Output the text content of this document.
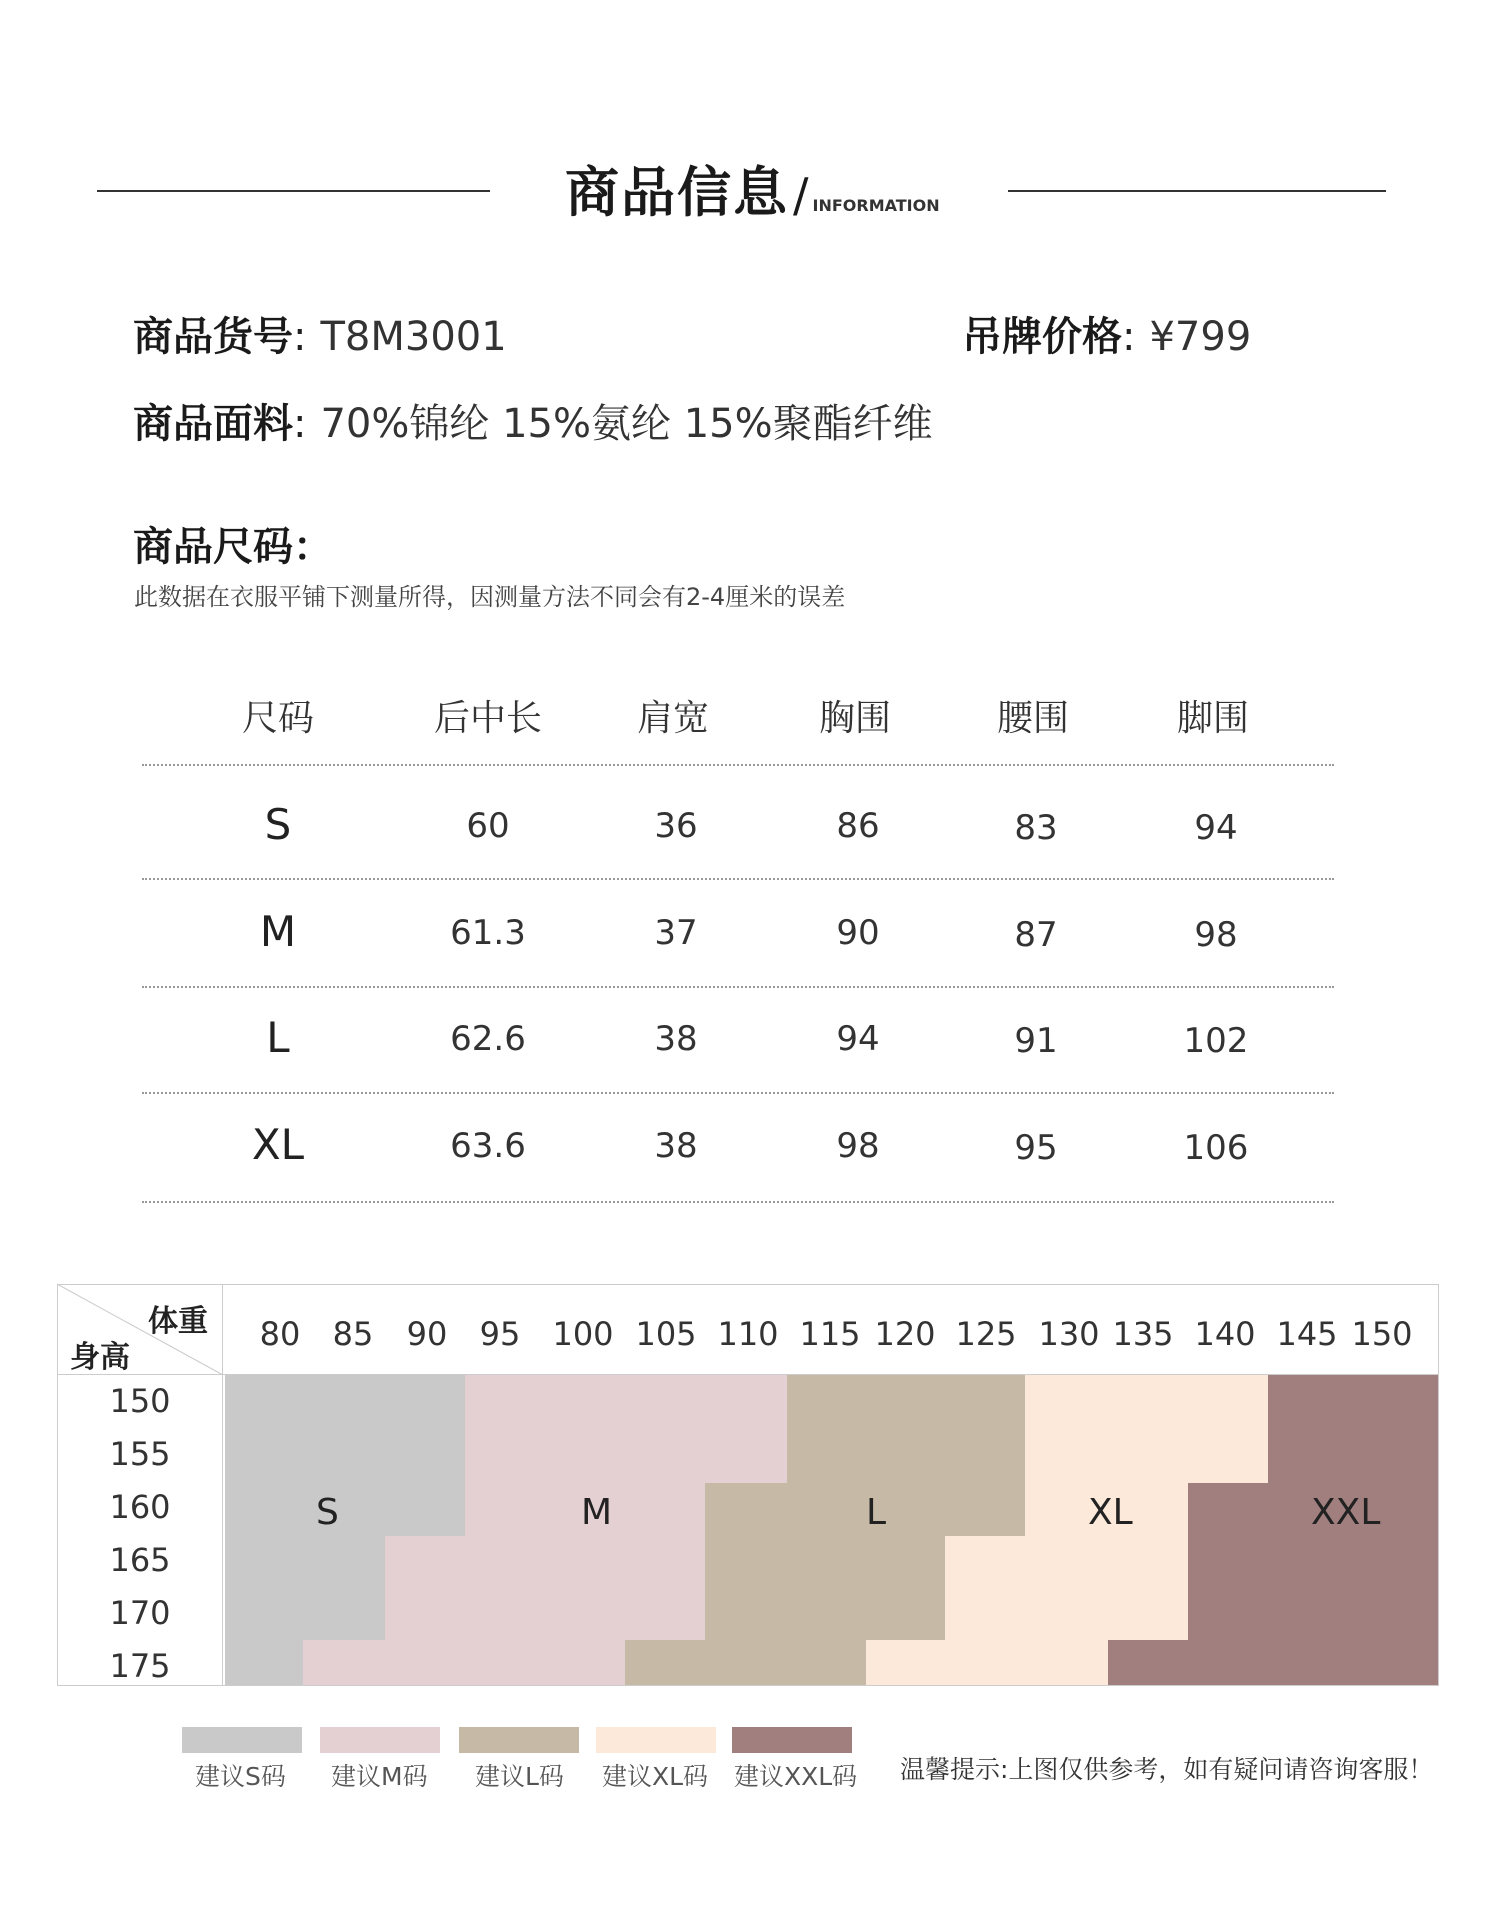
商品信息/ INFORMATION
商品货号: T8M3001	吊牌价格: ¥799
商品面料: 70%锦纶 15%氨纶 15%聚酯纤维
商品尺码：
此数据在衣服平铺下测量所得，因测量方法不同会有2-4厘米的误差
尺码	后中长	肩宽	胸围	腰围	脚围
S	60	36	86	83	94
M	61.3	37	90	87	98
L	62.6	38	94	91	102
XL	63.6	38	98	95	106
体重
身高
80	85	90	95	100 105 110 115 120 125 130 135 140 145 150
150
155
160
165
170
175
S	M	L	XL	XXL
建议S码 建议M码 建议L码 建议XL码 建议XXL码 温馨提示:上图仅供参考，如有疑问请咨询客服！
